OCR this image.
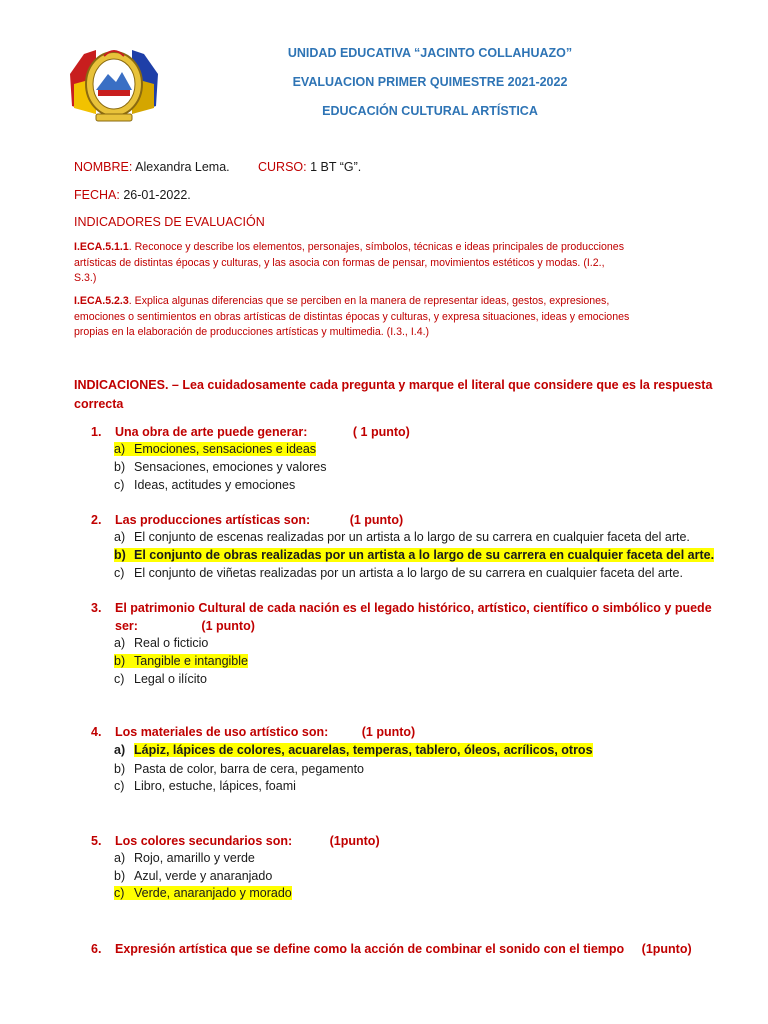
UNIDAD EDUCATIVA “JACINTO COLLAHUAZO”
EVALUACION PRIMER QUIMESTRE 2021-2022
EDUCACIÓN CULTURAL ARTÍSTICA
NOMBRE: Alexandra Lema. CURSO: 1 BT “G”.
FECHA: 26-01-2022.
INDICADORES DE EVALUACIÓN
I.ECA.5.1.1. Reconoce y describe los elementos, personajes, símbolos, técnicas e ideas principales de producciones
artísticas de distintas épocas y culturas, y las asocia con formas de pensar, movimientos estéticos y modas. (I.2.,
S.3.)
I.ECA.5.2.3. Explica algunas diferencias que se perciben en la manera de representar ideas, gestos, expresiones,
emociones o sentimientos en obras artísticas de distintas épocas y culturas, y expresa situaciones, ideas y emociones
propias en la elaboración de producciones artísticas y multimedia. (I.3., I.4.)
INDICACIONES. – Lea cuidadosamente cada pregunta y marque el literal que considere que es la respuesta
correcta
1. Una obra de arte puede generar:	( 1 punto)
a) Emociones, sensaciones e ideas
b) Sensaciones, emociones y valores
c) Ideas, actitudes y emociones
2. Las producciones artísticas son:	(1 punto)
a) El conjunto de escenas realizadas por un artista a lo largo de su carrera en cualquier faceta del arte.
b) El conjunto de obras realizadas por un artista a lo largo de su carrera en cualquier faceta del arte.
c) El conjunto de viñetas realizadas por un artista a lo largo de su carrera en cualquier faceta del arte.
3. El patrimonio Cultural de cada nación es el legado histórico, artístico, científico o simbólico y puede
ser:	(1 punto)
a) Real o ficticio
b) Tangible e intangible
c) Legal o ilícito
4. Los materiales de uso artístico son:	(1 punto)
a) Lápiz, lápices de colores, acuarelas, temperas, tablero, óleos, acrílicos, otros
b) Pasta de color, barra de cera, pegamento
c) Libro, estuche, lápices, foami
5. Los colores secundarios son:	(1punto)
a) Rojo, amarillo y verde
b) Azul, verde y anaranjado
c) Verde, anaranjado y morado
6. Expresión artística que se define como la acción de combinar el sonido con el tiempo (1punto)
